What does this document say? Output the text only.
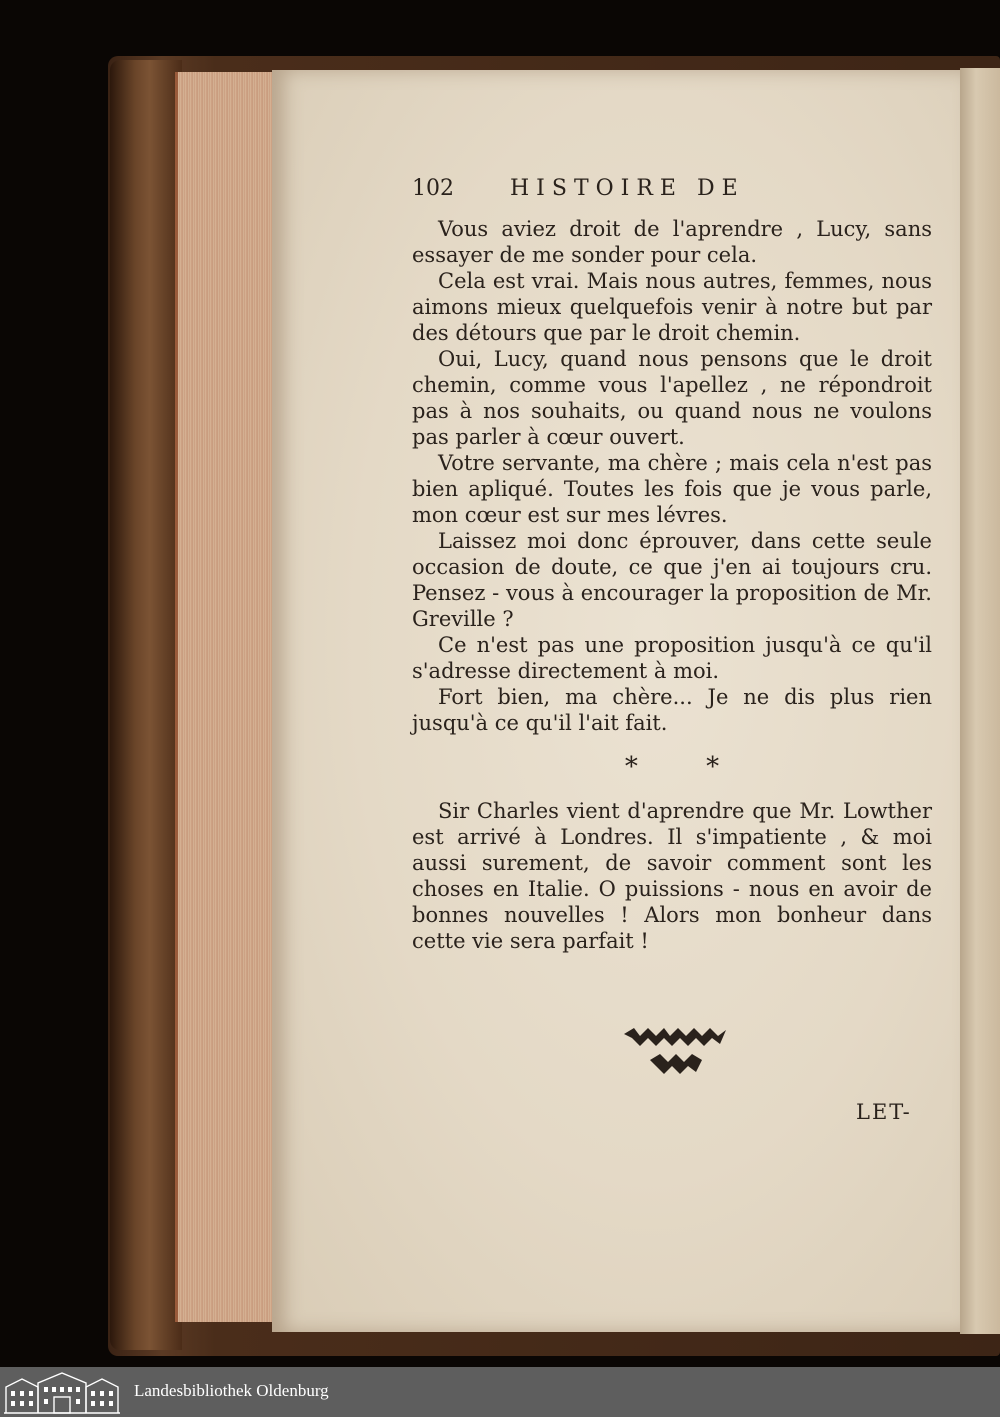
102	HISTOIRE DE

Vous aviez droit de l'aprendre , Lucy, sans essayer de me sonder pour cela.

Cela est vrai. Mais nous autres, femmes, nous aimons mieux quelquefois venir à notre but par des détours que par le droit chemin.

Oui, Lucy, quand nous pensons que le droit chemin, comme vous l'apellez , ne répondroit pas à nos souhaits, ou quand nous ne voulons pas parler à cœur ouvert.

Votre servante, ma chère ; mais cela n'est pas bien apliqué. Toutes les fois que je vous parle, mon cœur est sur mes lévres.

Laissez moi donc éprouver, dans cette seule occasion de doute, ce que j'en ai toujours cru. Pensez - vous à encourager la proposition de Mr. Greville ?

Ce n'est pas une proposition jusqu'à ce qu'il s'adresse directement à moi.

Fort bien, ma chère... Je ne dis plus rien jusqu'à ce qu'il l'ait fait.

* *

Sir Charles vient d'aprendre que Mr. Lowther est arrivé à Londres. Il s'impatiente , & moi aussi surement, de savoir comment sont les choses en Italie. O puissions - nous en avoir de bonnes nouvelles ! Alors mon bonheur dans cette vie sera parfait !

LET-
Landesbibliothek Oldenburg
